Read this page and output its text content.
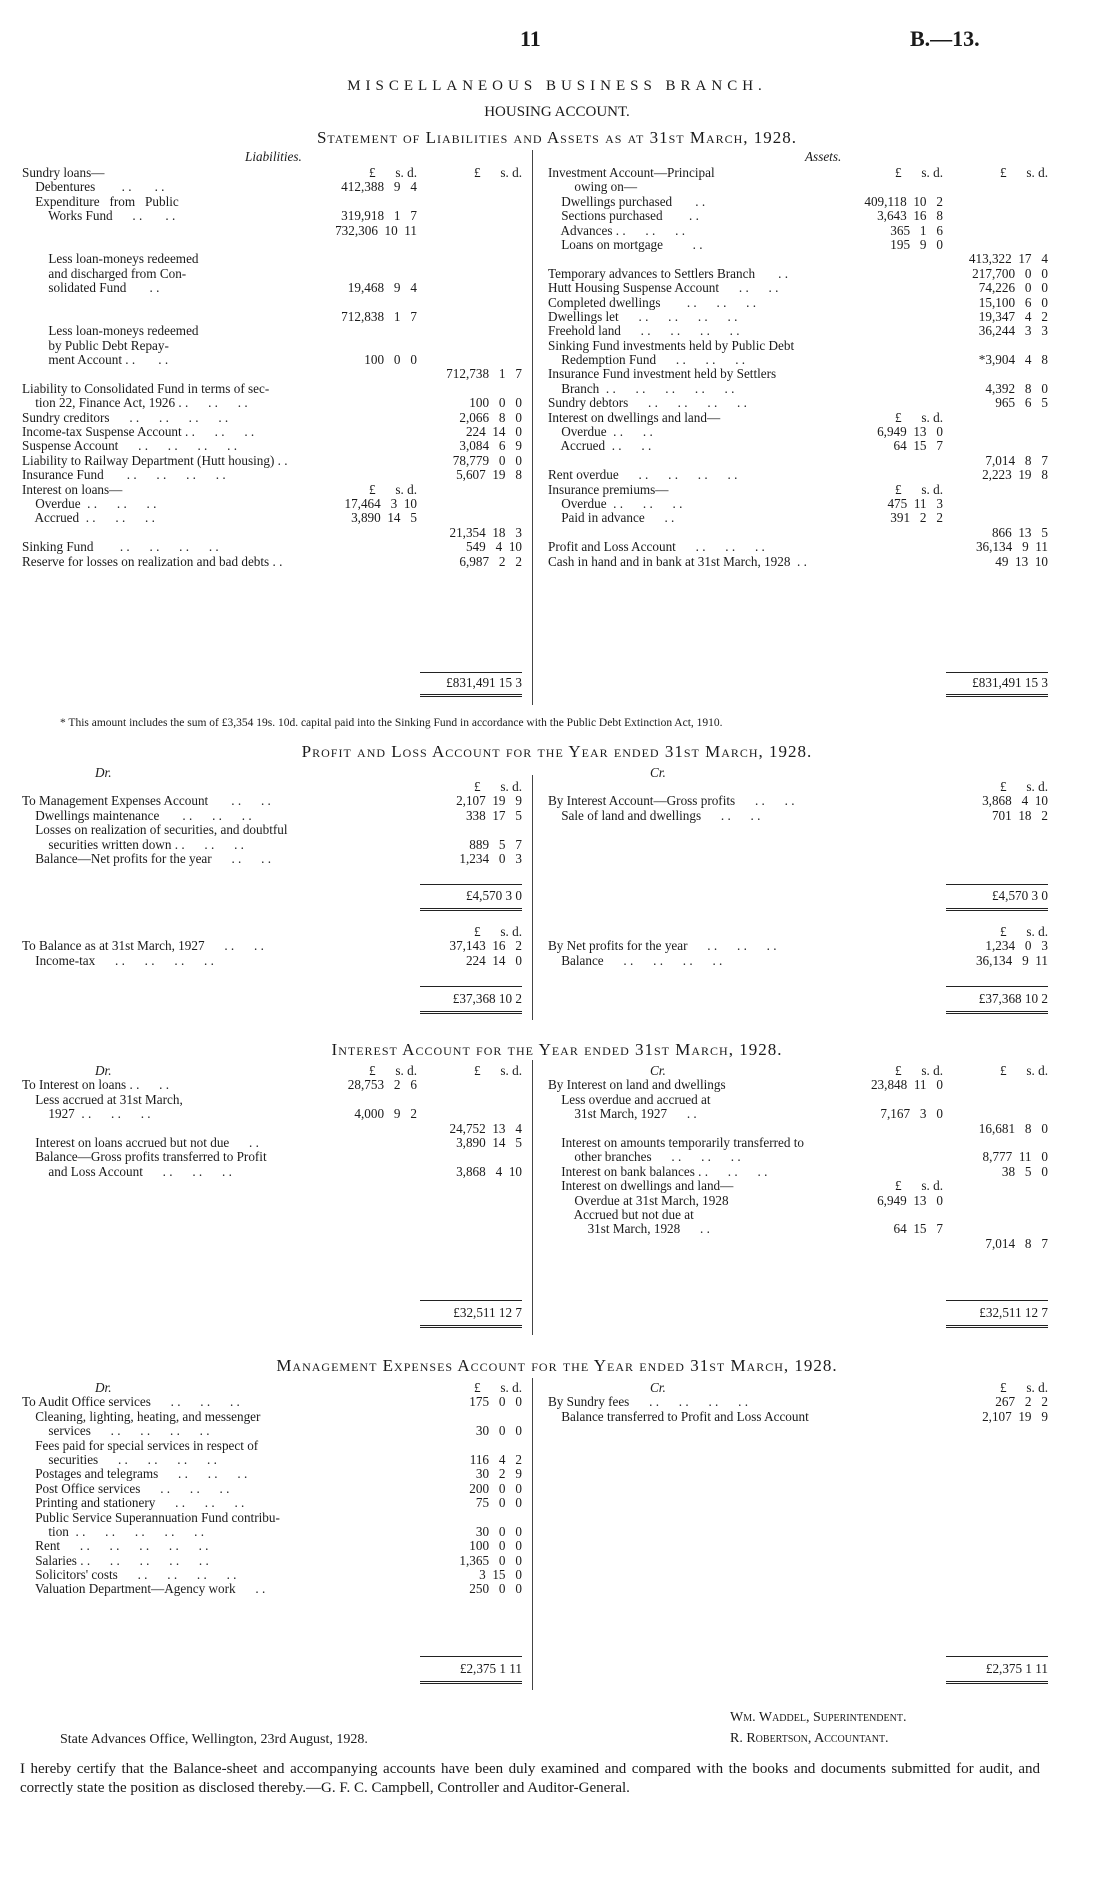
11	B.—13.
MISCELLANEOUS BUSINESS BRANCH.
HOUSING ACCOUNT.
Statement of Liabilities and Assets as at 31st March, 1928.
Liabilities.	Assets.
Sundry loans—	£      s. d.	£      s. d.
Debentures        . .       . .	412,388   9   4
Expenditure   from   Public
Works Fund      . .       . .	319,918   1   7
732,306  10  11
Less loan-moneys redeemed
and discharged from Con-
solidated Fund       . .	19,468   9   4
712,838   1   7
Less loan-moneys redeemed
by Public Debt Repay-
ment Account . .       . .	100   0   0
712,738   1   7
Liability to Consolidated Fund in terms of sec-
tion 22, Finance Act, 1926 . .      . .      . .	100   0   0
Sundry creditors      . .      . .      . .      . .	2,066   8   0
Income-tax Suspense Account . .      . .      . .	224  14   0
Suspense Account      . .      . .      . .      . .	3,084   6   9
Liability to Railway Department (Hutt housing) . .	78,779   0   0
Insurance Fund       . .      . .      . .      . .	5,607  19   8
Interest on loans—	£      s. d.
Overdue  . .      . .      . .	17,464   3  10
Accrued  . .      . .      . .	3,890  14   5
21,354  18   3
Sinking Fund        . .      . .      . .      . .	549   4  10
Reserve for losses on realization and bad debts . .	6,987   2   2
Investment Account—Principal	£      s. d.	£      s. d.
owing on—
Dwellings purchased       . .	409,118  10   2
Sections purchased        . .	3,643  16   8
Advances . .      . .      . .	365   1   6
Loans on mortgage         . .	195   9   0
413,322  17   4
Temporary advances to Settlers Branch       . .	217,700   0   0
Hutt Housing Suspense Account      . .      . .	74,226   0   0
Completed dwellings        . .      . .      . .	15,100   6   0
Dwellings let      . .      . .      . .      . .	19,347   4   2
Freehold land      . .      . .      . .      . .	36,244   3   3
Sinking Fund investments held by Public Debt
Redemption Fund      . .      . .      . .	*3,904   4   8
Insurance Fund investment held by Settlers
Branch  . .      . .      . .      . .      . .	4,392   8   0
Sundry debtors      . .      . .      . .      . .	965   6   5
Interest on dwellings and land—	£      s. d.
Overdue  . .      . .	6,949  13   0
Accrued  . .      . .	64  15   7
7,014   8   7
Rent overdue      . .      . .      . .      . .	2,223  19   8
Insurance premiums—	£      s. d.
Overdue  . .      . .      . .	475  11   3
Paid in advance      . .	391   2   2
866  13   5
Profit and Loss Account      . .      . .      . .	36,134   9  11
Cash in hand and in bank at 31st March, 1928  . .	49  13  10
£831,491 15 3	£831,491 15 3
* This amount includes the sum of £3,354 19s. 10d. capital paid into the Sinking Fund in accordance with the Public Debt Extinction Act, 1910.
Profit and Loss Account for the Year ended 31st March, 1928.
Dr.	Cr.
£      s. d.
To Management Expenses Account       . .      . .	2,107  19   9
Dwellings maintenance       . .      . .      . .	338  17   5
Losses on realization of securities, and doubtful
securities written down . .      . .      . .	889   5   7
Balance—Net profits for the year      . .      . .	1,234   0   3
£      s. d.
By Interest Account—Gross profits      . .      . .	3,868   4  10
Sale of land and dwellings      . .      . .	701  18   2
£4,570 3 0	£4,570 3 0
£      s. d.
To Balance as at 31st March, 1927      . .      . .	37,143  16   2
Income-tax      . .      . .      . .      . .	224  14   0
£      s. d.
By Net profits for the year      . .      . .      . .	1,234   0   3
Balance      . .      . .      . .      . .	36,134   9  11
£37,368 10 2	£37,368 10 2
Interest Account for the Year ended 31st March, 1928.
Dr.	Cr.
£      s. d.	£      s. d.
To Interest on loans . .      . .	28,753   2   6
Less accrued at 31st March,
1927  . .      . .      . .	4,000   9   2
24,752  13   4
Interest on loans accrued but not due      . .	3,890  14   5
Balance—Gross profits transferred to Profit
and Loss Account      . .      . .      . .	3,868   4  10
£      s. d.	£      s. d.
By Interest on land and dwellings	23,848  11   0
Less overdue and accrued at
31st March, 1927      . .	7,167   3   0
16,681   8   0
Interest on amounts temporarily transferred to
other branches      . .      . .      . .	8,777  11   0
Interest on bank balances . .      . .      . .	38   5   0
Interest on dwellings and land—	£      s. d.
Overdue at 31st March, 1928	6,949  13   0
Accrued but not due at
31st March, 1928      . .	64  15   7
7,014   8   7
£32,511 12 7	£32,511 12 7
Management Expenses Account for the Year ended 31st March, 1928.
Dr.	Cr.
£      s. d.
To Audit Office services      . .      . .      . .	175   0   0
Cleaning, lighting, heating, and messenger
services      . .      . .      . .      . .	30   0   0
Fees paid for special services in respect of
securities      . .      . .      . .      . .	116   4   2
Postages and telegrams      . .      . .      . .	30   2   9
Post Office services      . .      . .      . .	200   0   0
Printing and stationery      . .      . .      . .	75   0   0
Public Service Superannuation Fund contribu-
tion  . .      . .      . .      . .      . .	30   0   0
Rent      . .      . .      . .      . .      . .	100   0   0
Salaries . .      . .      . .      . .      . .	1,365   0   0
Solicitors' costs      . .      . .      . .      . .	3  15   0
Valuation Department—Agency work      . .	250   0   0
£      s. d.
By Sundry fees      . .      . .      . .      . .	267   2   2
Balance transferred to Profit and Loss Account	2,107  19   9
£2,375 1 11	£2,375 1 11
State Advances Office, Wellington, 23rd August, 1928.
Wm. Waddel, Superintendent.
R. Robertson, Accountant.
I hereby certify that the Balance-sheet and accompanying accounts have been duly examined and compared with the books and documents submitted for audit, and correctly state the position as disclosed thereby.—G. F. C. Campbell, Controller and Auditor-General.
